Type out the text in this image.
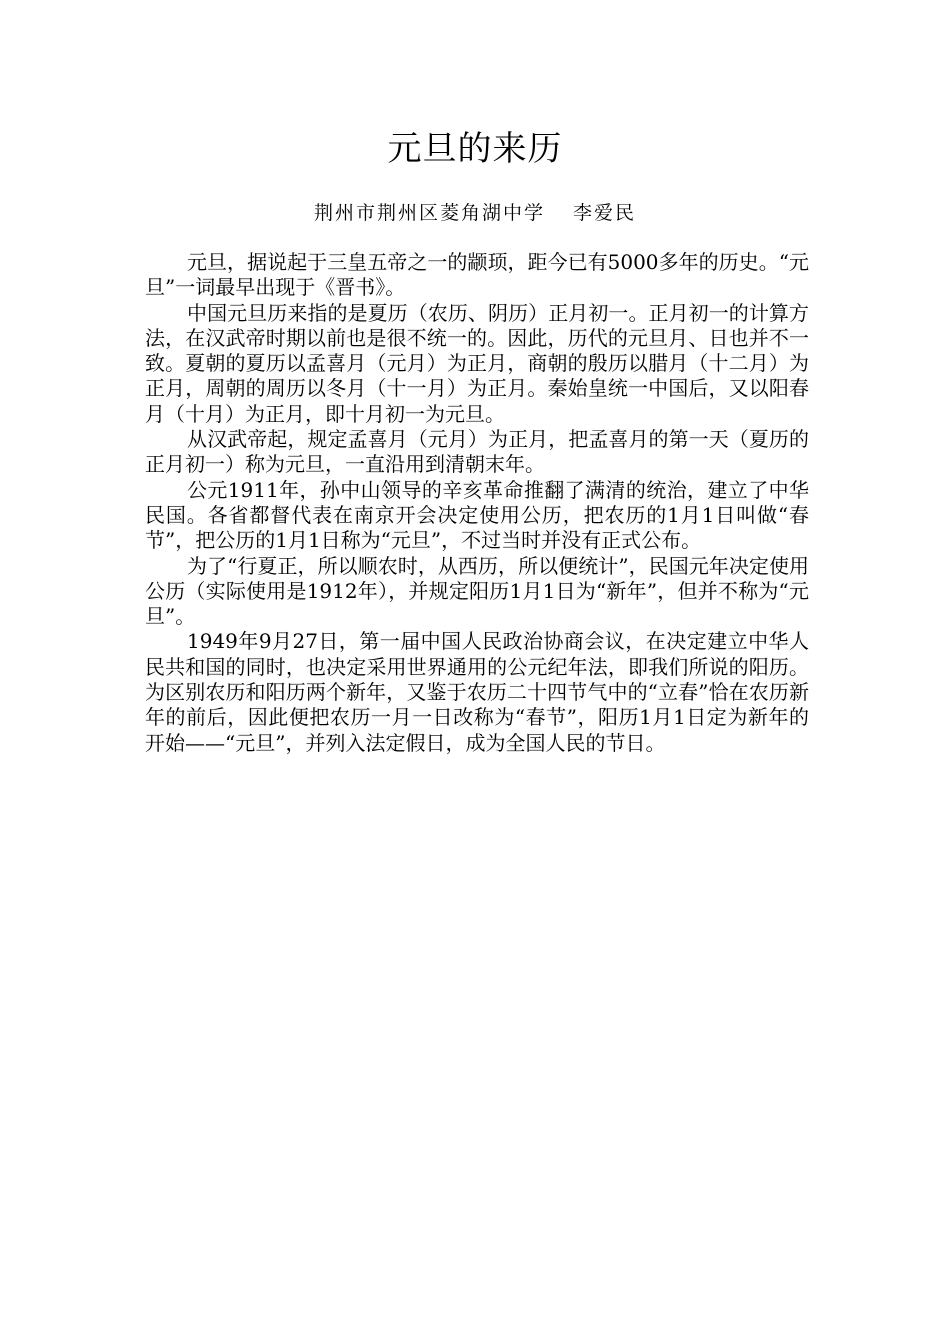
元旦的来历
荆州市荆州区菱角湖中学 李爱民

元旦，据说起于三皇五帝之一的颛顼，距今已有5000多年的历史。“元旦”一词最早出现于《晋书》。

中国元旦历来指的是夏历（农历、阴历）正月初一。正月初一的计算方法，在汉武帝时期以前也是很不统一的。因此，历代的元旦月、日也并不一致。夏朝的夏历以孟喜月（元月）为正月，商朝的殷历以腊月（十二月）为正月，周朝的周历以冬月（十一月）为正月。秦始皇统一中国后，又以阳春月（十月）为正月，即十月初一为元旦。

从汉武帝起，规定孟喜月（元月）为正月，把孟喜月的第一天（夏历的正月初一）称为元旦，一直沿用到清朝末年。

公元1911年，孙中山领导的辛亥革命推翻了满清的统治，建立了中华民国。各省都督代表在南京开会决定使用公历，把农历的1月1日叫做“春节”，把公历的1月1日称为“元旦”，不过当时并没有正式公布。

为了“行夏正，所以顺农时，从西历，所以便统计”，民国元年决定使用公历（实际使用是1912年），并规定阳历1月1日为“新年”，但并不称为“元旦”。

1949年9月27日，第一届中国人民政治协商会议，在决定建立中华人民共和国的同时，也决定采用世界通用的公元纪年法，即我们所说的阳历。 为区别农历和阳历两个新年，又鉴于农历二十四节气中的“立春”恰在农历新年的前后，因此便把农历一月一日改称为“春节”，阳历1月1日定为新年的开始——“元旦”，并列入法定假日，成为全国人民的节日。
